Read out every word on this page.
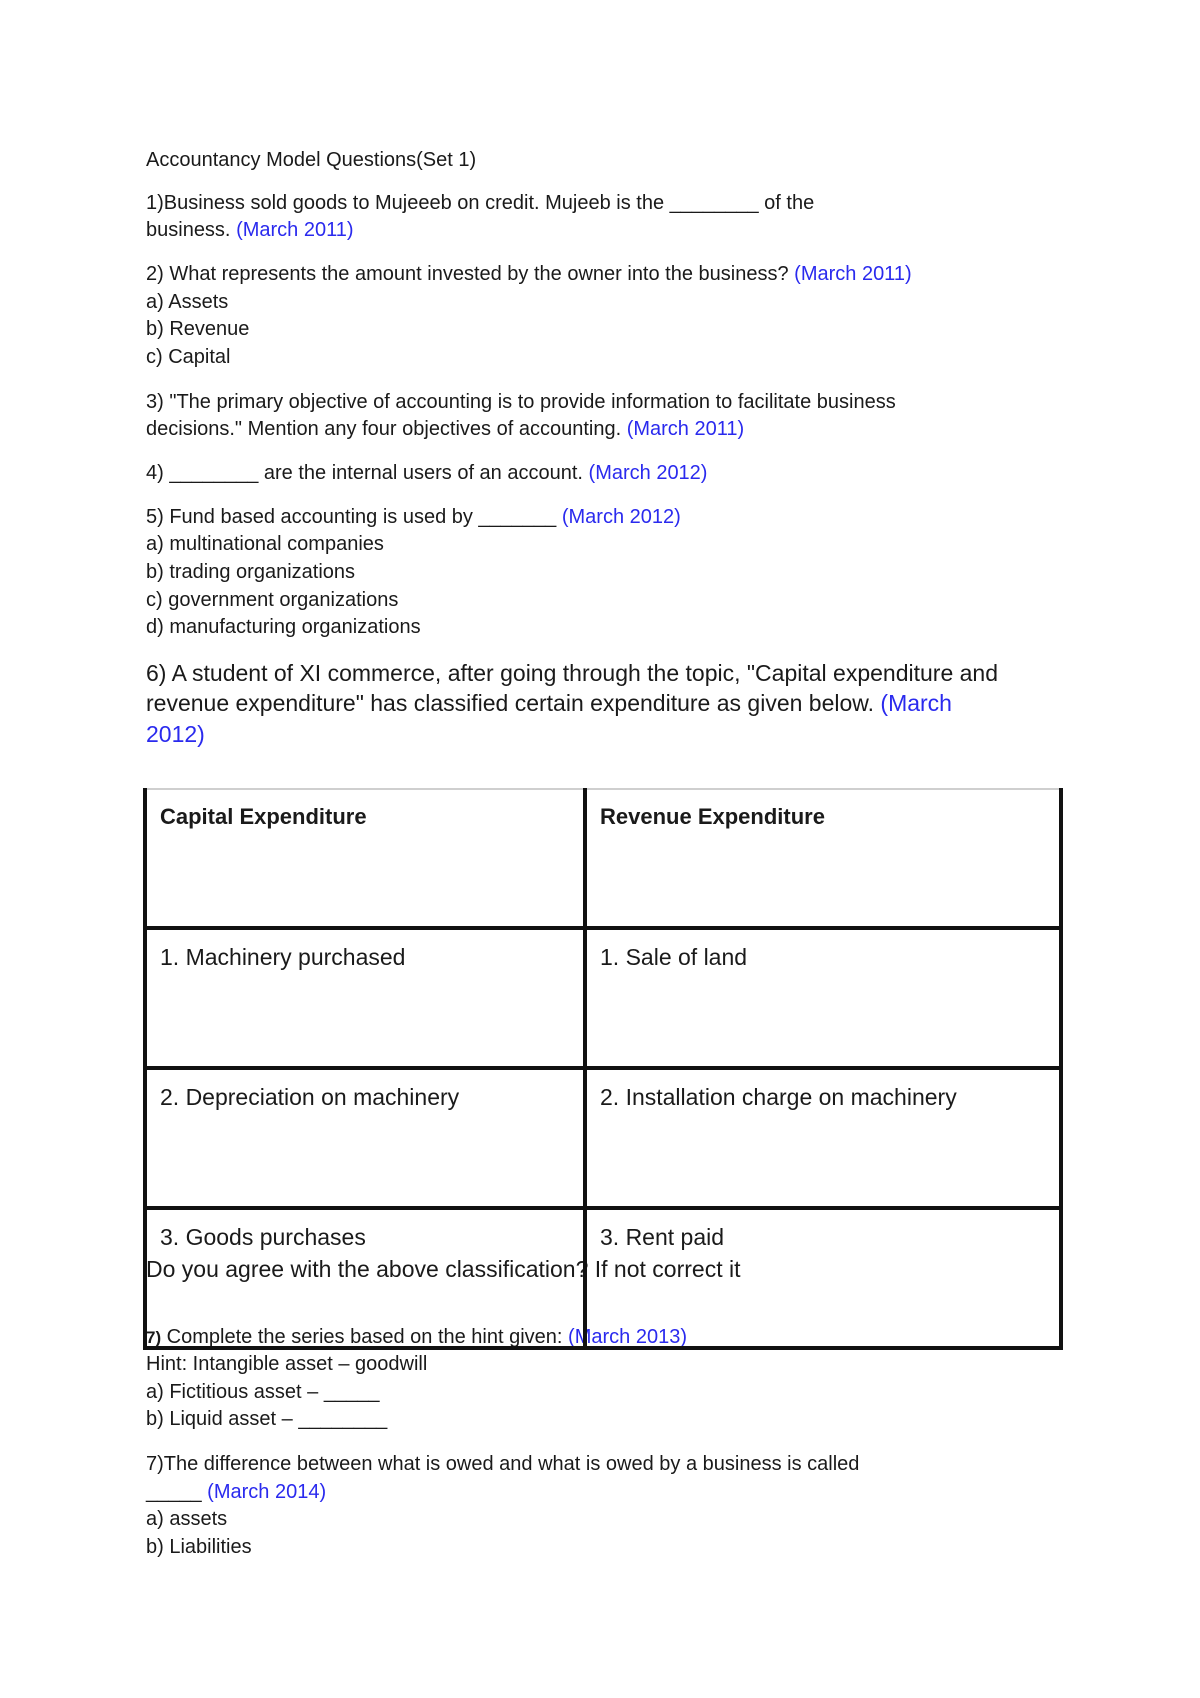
Accountancy Model Questions(Set 1)
1)Business sold goods to Mujeeeb on credit. Mujeeb is the ________ of the
business. (March 2011)
2) What represents the amount invested by the owner into the business? (March 2011)
a) Assets
b) Revenue
c) Capital
3) "The primary objective of accounting is to provide information to facilitate business
decisions." Mention any four objectives of accounting. (March 2011)
4) ________ are the internal users of an account. (March 2012)
5) Fund based accounting is used by _______ (March 2012)
a) multinational companies
b) trading organizations
c) government organizations
d) manufacturing organizations
6) A student of XI commerce, after going through the topic, "Capital expenditure and
revenue expenditure" has classified certain expenditure as given below. (March
2012)
Do you agree with the above classification? If not correct it
7) Complete the series based on the hint given: (March 2013)
Hint: Intangible asset – goodwill
a) Fictitious asset – _____
b) Liquid asset – ________
7)The difference between what is owed and what is owed by a business is called
_____ (March 2014)
a) assets
b) Liabilities
Capital Expenditure	Revenue Expenditure
1. Machinery purchased	1. Sale of land
2. Depreciation on machinery	2. Installation charge on machinery
3. Goods purchases	3. Rent paid
